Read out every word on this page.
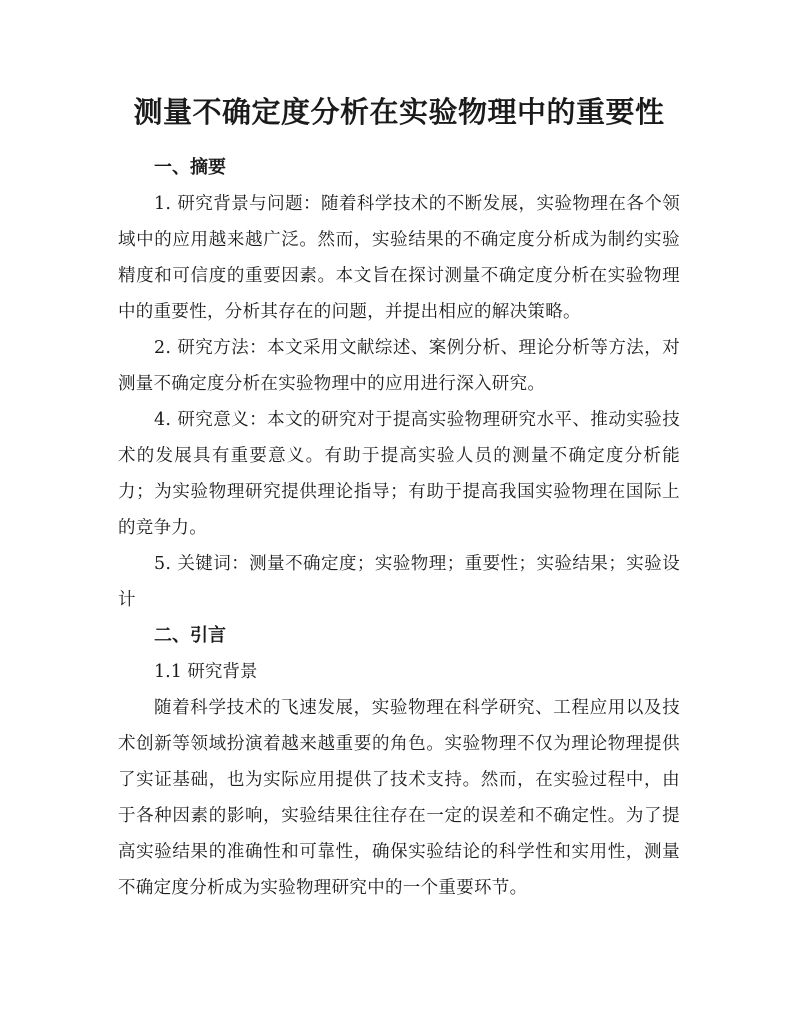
测量不确定度分析在实验物理中的重要性
一、摘要

1. 研究背景与问题：随着科学技术的不断发展，实验物理在各个领域中的应用越来越广泛。然而，实验结果的不确定度分析成为制约实验精度和可信度的重要因素。本文旨在探讨测量不确定度分析在实验物理中的重要性，分析其存在的问题，并提出相应的解决策略。

2. 研究方法：本文采用文献综述、案例分析、理论分析等方法，对测量不确定度分析在实验物理中的应用进行深入研究。

4. 研究意义：本文的研究对于提高实验物理研究水平、推动实验技术的发展具有重要意义。有助于提高实验人员的测量不确定度分析能力；为实验物理研究提供理论指导；有助于提高我国实验物理在国际上的竞争力。

5. 关键词：测量不确定度；实验物理；重要性；实验结果；实验设计

二、引言

1.1 研究背景

随着科学技术的飞速发展，实验物理在科学研究、工程应用以及技术创新等领域扮演着越来越重要的角色。实验物理不仅为理论物理提供了实证基础，也为实际应用提供了技术支持。然而，在实验过程中，由于各种因素的影响，实验结果往往存在一定的误差和不确定性。为了提高实验结果的准确性和可靠性，确保实验结论的科学性和实用性，测量不确定度分析成为实验物理研究中的一个重要环节。
